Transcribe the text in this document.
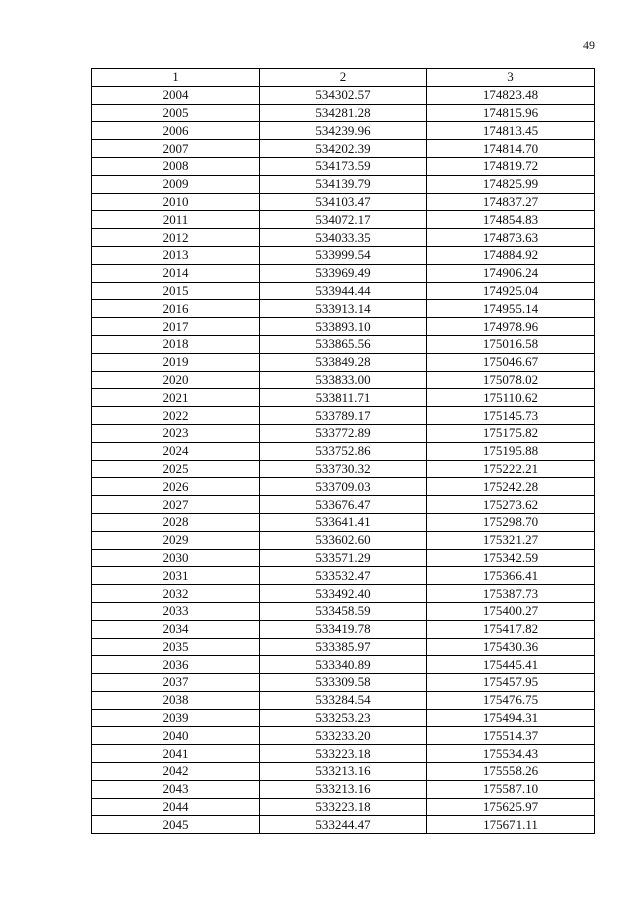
49
1	2	3
2004	534302.57	174823.48
2005	534281.28	174815.96
2006	534239.96	174813.45
2007	534202.39	174814.70
2008	534173.59	174819.72
2009	534139.79	174825.99
2010	534103.47	174837.27
2011	534072.17	174854.83
2012	534033.35	174873.63
2013	533999.54	174884.92
2014	533969.49	174906.24
2015	533944.44	174925.04
2016	533913.14	174955.14
2017	533893.10	174978.96
2018	533865.56	175016.58
2019	533849.28	175046.67
2020	533833.00	175078.02
2021	533811.71	175110.62
2022	533789.17	175145.73
2023	533772.89	175175.82
2024	533752.86	175195.88
2025	533730.32	175222.21
2026	533709.03	175242.28
2027	533676.47	175273.62
2028	533641.41	175298.70
2029	533602.60	175321.27
2030	533571.29	175342.59
2031	533532.47	175366.41
2032	533492.40	175387.73
2033	533458.59	175400.27
2034	533419.78	175417.82
2035	533385.97	175430.36
2036	533340.89	175445.41
2037	533309.58	175457.95
2038	533284.54	175476.75
2039	533253.23	175494.31
2040	533233.20	175514.37
2041	533223.18	175534.43
2042	533213.16	175558.26
2043	533213.16	175587.10
2044	533223.18	175625.97
2045	533244.47	175671.11
